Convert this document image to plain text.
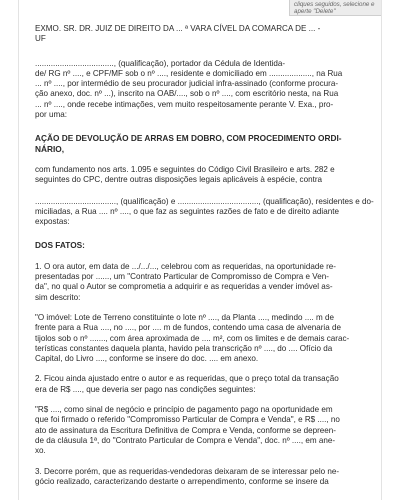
cliques seguidos, selecione e
aperte "Delete"

EXMO. SR. DR. JUIZ DE DIREITO DA ... ª VARA CÍVEL DA COMARCA DE ... -
UF

..................................., (qualificação), portador da Cédula de Identida-
de/ RG nº ...., e CPF/MF sob o nº ...., residente e domiciliado em ..................., na Rua
... nº ...., por intermédio de seu procurador judicial infra-assinado (conforme procura-
ção anexo, doc. nº ...), inscrito na OAB/...., sob o nº ...., com escritório nesta, na Rua
... nº ...., onde recebe intimações, vem muito respeitosamente perante V. Exa., pro-
por uma:

AÇÃO DE DEVOLUÇÃO DE ARRAS EM DOBRO, COM PROCEDIMENTO ORDI-
NÁRIO,

com fundamento nos arts. 1.095 e seguintes do Código Civil Brasileiro e arts. 282 e
seguintes do CPC, dentre outras disposições legais aplicáveis à espécie, contra

...................................., (qualificação) e ...................................., (qualificação), residentes e do-
miciliadas, a Rua .... nº ...., o que faz as seguintes razões de fato e de direito adiante
expostas:

DOS FATOS:

1. O ora autor, em data de .../.../..., celebrou com as requeridas, na oportunidade re-
presentadas por ......, um "Contrato Particular de Compromisso de Compra e Ven-
da", no qual o Autor se comprometia a adquirir e as requeridas a vender imóvel as-
sim descrito:

"O imóvel: Lote de Terreno constituinte o lote nº ...., da Planta ...., medindo .... m de
frente para a Rua ...., no ...., por .... m de fundos, contendo uma casa de alvenaria de
tijolos sob o nº ......., com área aproximada de .... m², com os limites e de demais carac-
terísticas constantes daquela planta, havido pela transcrição nº ...., do .... Ofício da
Capital, do Livro ...., conforme se insere do doc. .... em anexo.

2. Ficou ainda ajustado entre o autor e as requeridas, que o preço total da transação
era de R$ ...., que deveria ser pago nas condições seguintes:

"R$ ...., como sinal de negócio e princípio de pagamento pago na oportunidade em
que foi firmado o referido "Compromisso Particular de Compra e Venda", e R$ ...., no
ato de assinatura da Escritura Definitiva de Compra e Venda, conforme se depreen-
de da cláusula 1ª, do "Contrato Particular de Compra e Venda", doc. nº ...., em ane-
xo.

3. Decorre porém, que as requeridas-vendedoras deixaram de se interessar pelo ne-
gócio realizado, caracterizando destarte o arrependimento, conforme se insere da
